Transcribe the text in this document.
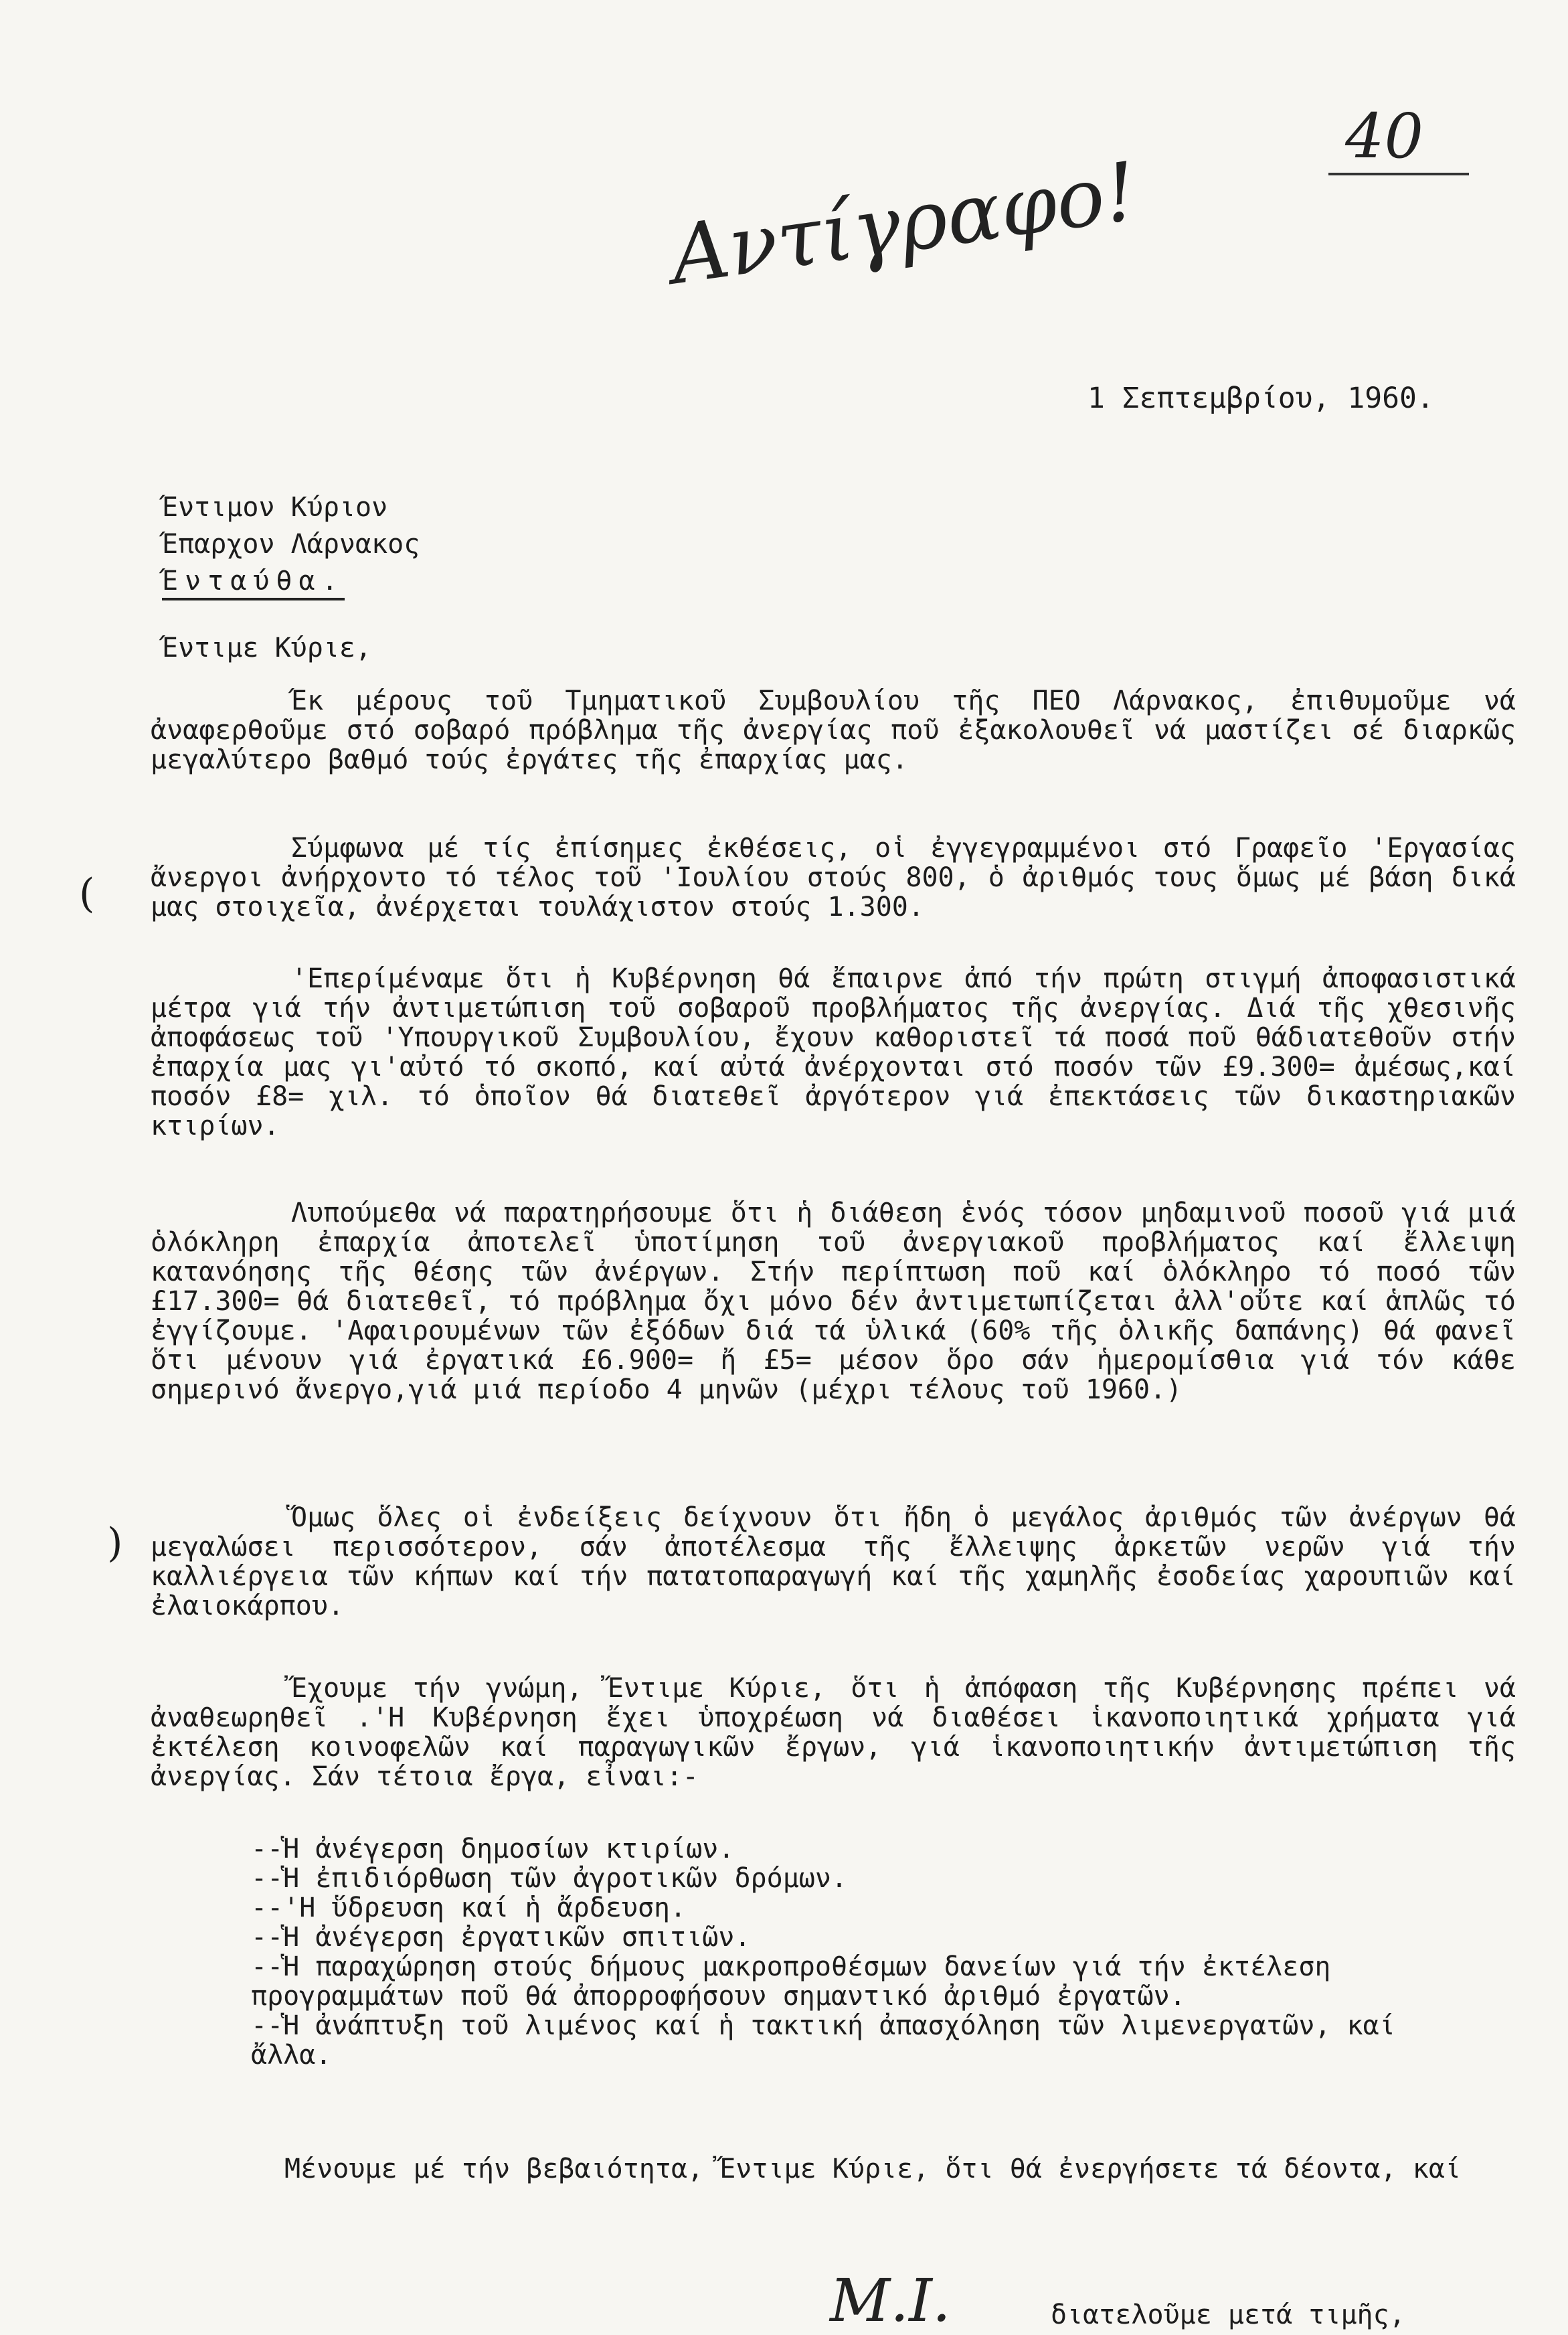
40
Αντίγραφο!
1 Σεπτεμβρίου, 1960.
Έντιμον Κύριον
Έπαρχον Λάρνακος
Ένταύθα.
Έντιμε Κύριε,

Έκ μέρους τοῦ Τμηματικοῦ Συμβουλίου τῆς ΠΕΟ Λάρνακος, ἐπιθυμοῦμε νά ἀναφερθοῦμε στό σοβαρό πρόβλημα τῆς ἀνεργίας ποῦ ἐξακολουθεῖ νά μαστίζει σέ διαρκῶς μεγαλύτερο βαθμό τούς ἐργάτες τῆς ἐπαρχίας μας.

Σύμφωνα μέ τίς ἐπίσημες ἐκθέσεις, οἱ ἐγγεγραμμένοι στό Γραφεῖο 'Εργασίας ἄνεργοι ἀνήρχοντο τό τέλος τοῦ 'Ιουλίου στούς 800, ὁ ἀριθμός τους ὅμως μέ βάση δικά μας στοιχεῖα, ἀνέρχεται τουλάχιστον στούς 1.300.

'Επερίμέναμε ὅτι ἡ Κυβέρνηση θά ἔπαιρνε ἀπό τήν πρώτη στιγμή ἀποφασιστικά μέτρα γιά τήν ἀντιμετώπιση τοῦ σοβαροῦ προβλήματος τῆς ἀνεργίας. Διά τῆς χθεσινῆς ἀποφάσεως τοῦ 'Υπουργικοῦ Συμβουλίου, ἔχουν καθοριστεῖ τά ποσά ποῦ θάδιατεθοῦν στήν ἐπαρχία μας γι'αὐτό τό σκοπό, καί αὐτά ἀνέρχονται στό ποσόν τῶν £9.300= ἀμέσως,καί ποσόν £8= χιλ. τό ὁποῖον θά διατεθεῖ ἀργότερον γιά ἐπεκτάσεις τῶν δικαστηριακῶν κτιρίων.

Λυπούμεθα νά παρατηρήσουμε ὅτι ἡ διάθεση ἑνός τόσον μηδαμινοῦ ποσοῦ γιά μιά ὁλόκληρη ἐπαρχία ἀποτελεῖ ὑποτίμηση τοῦ ἀνεργιακοῦ προβλήματος καί ἔλλειψη κατανόησης τῆς θέσης τῶν ἀνέργων. Στήν περίπτωση ποῦ καί ὁλόκληρο τό ποσό τῶν £17.300= θά διατεθεῖ, τό πρόβλημα ὄχι μόνο δέν ἀντιμετωπίζεται ἀλλ'οὔτε καί ἁπλῶς τό ἐγγίζουμε. 'Αφαιρουμένων τῶν ἐξόδων διά τά ὑλικά (60% τῆς ὁλικῆς δαπάνης) θά φανεῖ ὅτι μένουν γιά ἐργατικά £6.900= ἤ £5= μέσον ὅρο σάν ἡμερομίσθια γιά τόν κάθε σημερινό ἄνεργο,γιά μιά περίοδο 4 μηνῶν (μέχρι τέλους τοῦ 1960.)

Ὅμως ὅλες οἱ ἐνδείξεις δείχνουν ὅτι ἤδη ὁ μεγάλος ἀριθμός τῶν ἀνέργων θά μεγαλώσει περισσότερον, σάν ἀποτέλεσμα τῆς ἔλλειψης ἀρκετῶν νερῶν γιά τήν καλλιέργεια τῶν κήπων καί τήν πατατοπαραγωγή καί τῆς χαμηλῆς ἐσοδείας χαρουπιῶν καί ἐλαιοκάρπου.

Ἔχουμε τήν γνώμη, Ἔντιμε Κύριε, ὅτι ἡ ἀπόφαση τῆς Κυβέρνησης πρέπει νά ἀναθεωρηθεῖ .'Η Κυβέρνηση ἔχει ὑποχρέωση νά διαθέσει ἱκανοποιητικά χρήματα γιά ἐκτέλεση κοινοφελῶν καί παραγωγικῶν ἔργων, γιά ἱκανοποιητικήν ἀντιμετώπιση τῆς ἀνεργίας. Σάν τέτοια ἔργα, εἶναι:-

--Ἡ ἀνέγερση δημοσίων κτιρίων.
--Ἡ ἐπιδιόρθωση τῶν ἀγροτικῶν δρόμων.
--'Η ὕδρευση καί ἡ ἄρδευση.
--Ἡ ἀνέγερση ἐργατικῶν σπιτιῶν.
--Ἡ παραχώρηση στούς δήμους μακροπροθέσμων δανείων γιά τήν ἐκτέλεση προγραμμάτων ποῦ θά ἀπορροφήσουν σημαντικό ἀριθμό ἐργατῶν.
--Ἡ ἀνάπτυξη τοῦ λιμένος καί ἡ τακτική ἀπασχόληση τῶν λιμενεργατῶν, καί ἄλλα.

Μένουμε μέ τήν βεβαιότητα, Ἔντιμε Κύριε, ὅτι θά ἐνεργήσετε τά δέοντα, καί

Μ.Ι.	διατελοῦμε μετά τιμῆς,
(
)
